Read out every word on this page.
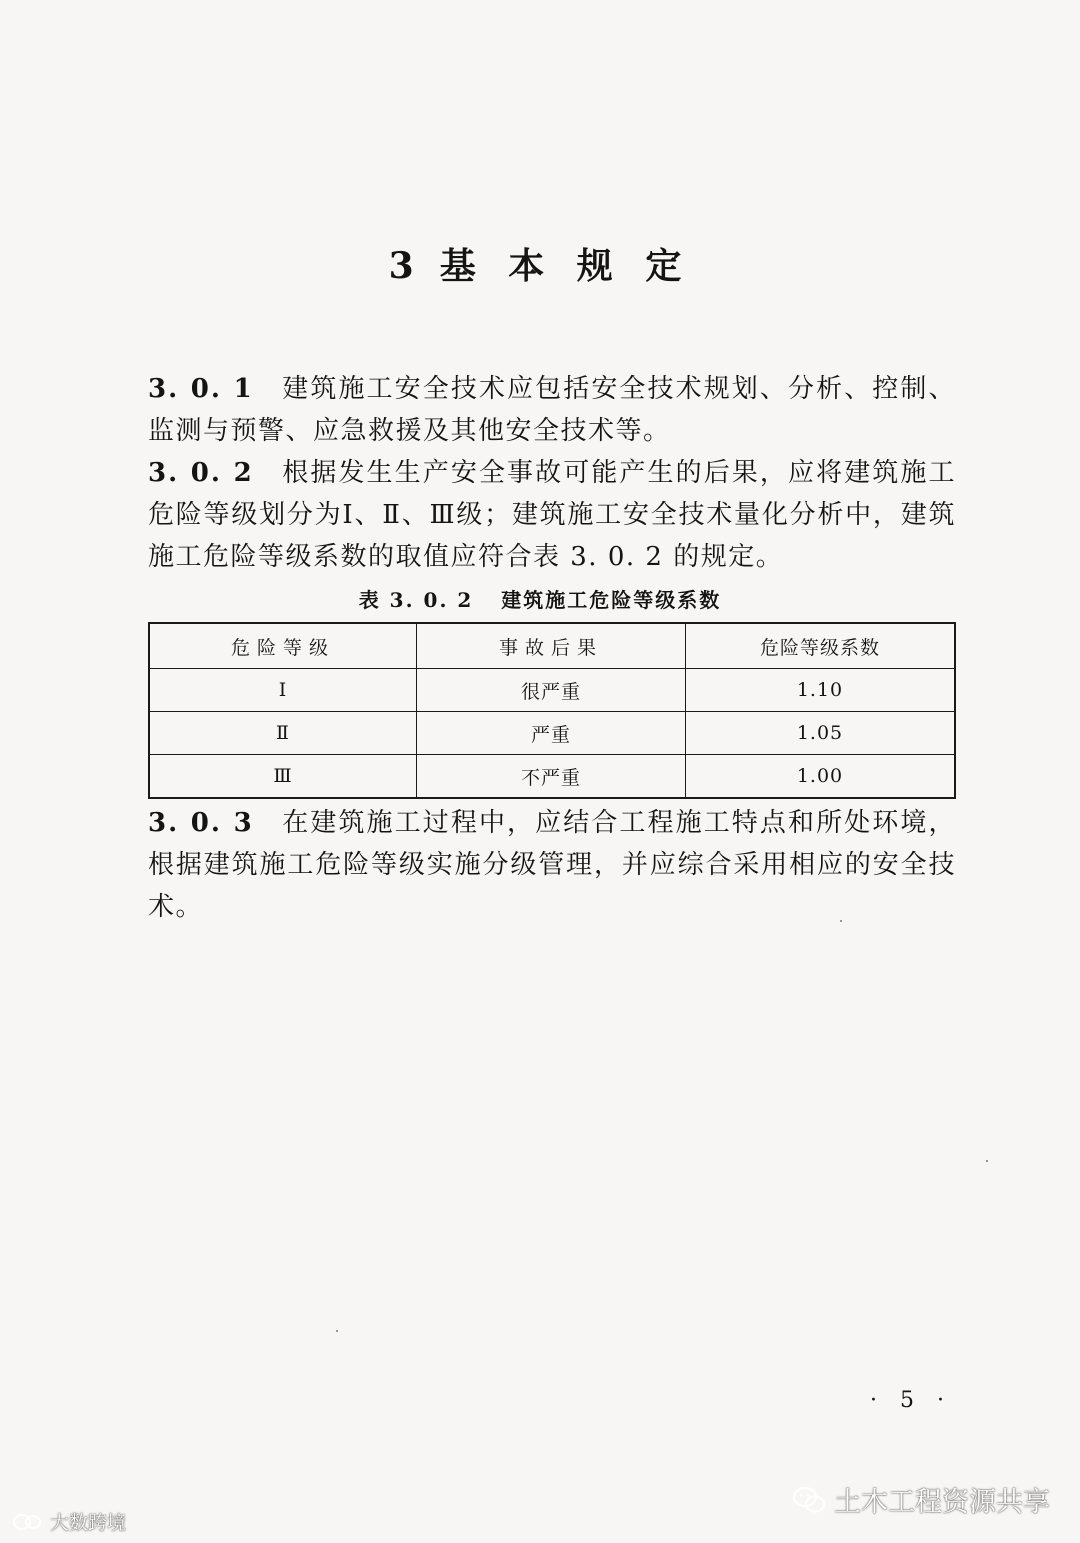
3 基 本 规 定
3. 0. 1 建筑施工安全技术应包括安全技术规划、分析、控制、监测与预警、应急救援及其他安全技术等。
3. 0. 2 根据发生生产安全事故可能产生的后果，应将建筑施工危险等级划分为Ⅰ、Ⅱ、Ⅲ级；建筑施工安全技术量化分析中，建筑施工危险等级系数的取值应符合表 3. 0. 2 的规定。
表 3. 0. 2 建筑施工危险等级系数
危险等级	事故后果	危险等级系数
Ⅰ	很严重	1.10
Ⅱ	严重	1.05
Ⅲ	不严重	1.00
3. 0. 3 在建筑施工过程中，应结合工程施工特点和所处环境，根据建筑施工危险等级实施分级管理，并应综合采用相应的安全技术。
· 5 ·
大数跨境
土木工程资源共享
